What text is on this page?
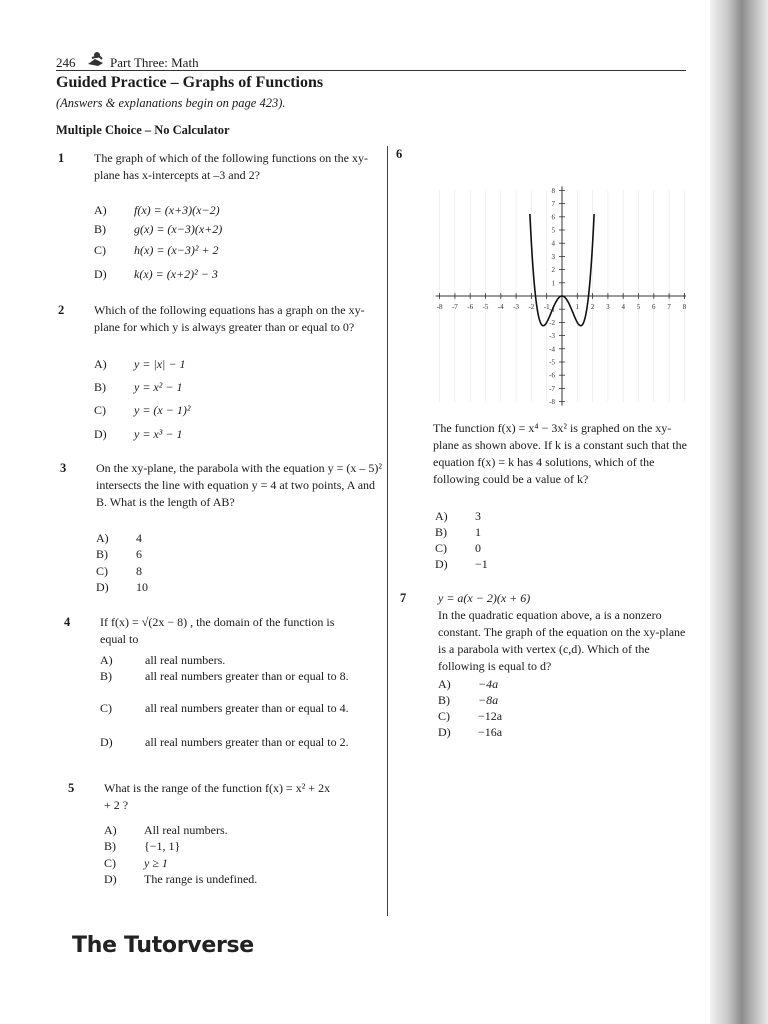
246	Part Three: Math
Guided Practice – Graphs of Functions
(Answers & explanations begin on page 423).
Multiple Choice – No Calculator
1 The graph of which of the following functions on the xy-plane has x-intercepts at –3 and 2?
A) f(x) = (x+3)(x−2)
B) g(x) = (x−3)(x+2)
C) h(x) = (x−3)² + 2
D) k(x) = (x+2)² − 3
2 Which of the following equations has a graph on the xy-plane for which y is always greater than or equal to 0?
A) y = |x| − 1
B) y = x² − 1
C) y = (x − 1)²
D) y = x³ − 1
3 On the xy-plane, the parabola with the equation y = (x – 5)² intersects the line with equation y = 4 at two points, A and B. What is the length of AB?
A) 4
B) 6
C) 8
D) 10
4 If f(x) = √(2x − 8) , the domain of the function is equal to
A)	all real numbers.
B)	all real numbers greater than or equal to 8.
C)	all real numbers greater than or equal to 4.
D)	all real numbers greater than or equal to 2.
5 What is the range of the function f(x) = x² + 2x + 2 ?
A) All real numbers.
B) {−1, 1}
C) y ≥ 1
D) The range is undefined.
6
-8 -7 -6 -5 -4 -3 -2 -1	1 2 3 4 5 6 7 8
8
7
6
5
4
3
2
1
-1
-2
-3
-4
-5
-6
-7
-8
The function f(x) = x⁴ − 3x² is graphed on the xy-plane as shown above. If k is a constant such that the equation f(x) = k has 4 solutions, which of the following could be a value of k?
A) 3
B) 1
C) 0
D) −1
7	y = a(x − 2)(x + 6)
In the quadratic equation above, a is a nonzero constant. The graph of the equation on the xy-plane is a parabola with vertex (c,d). Which of the following is equal to d?
A) −4a
B) −8a
C) −12a
D) −16a
The Tutorverse
